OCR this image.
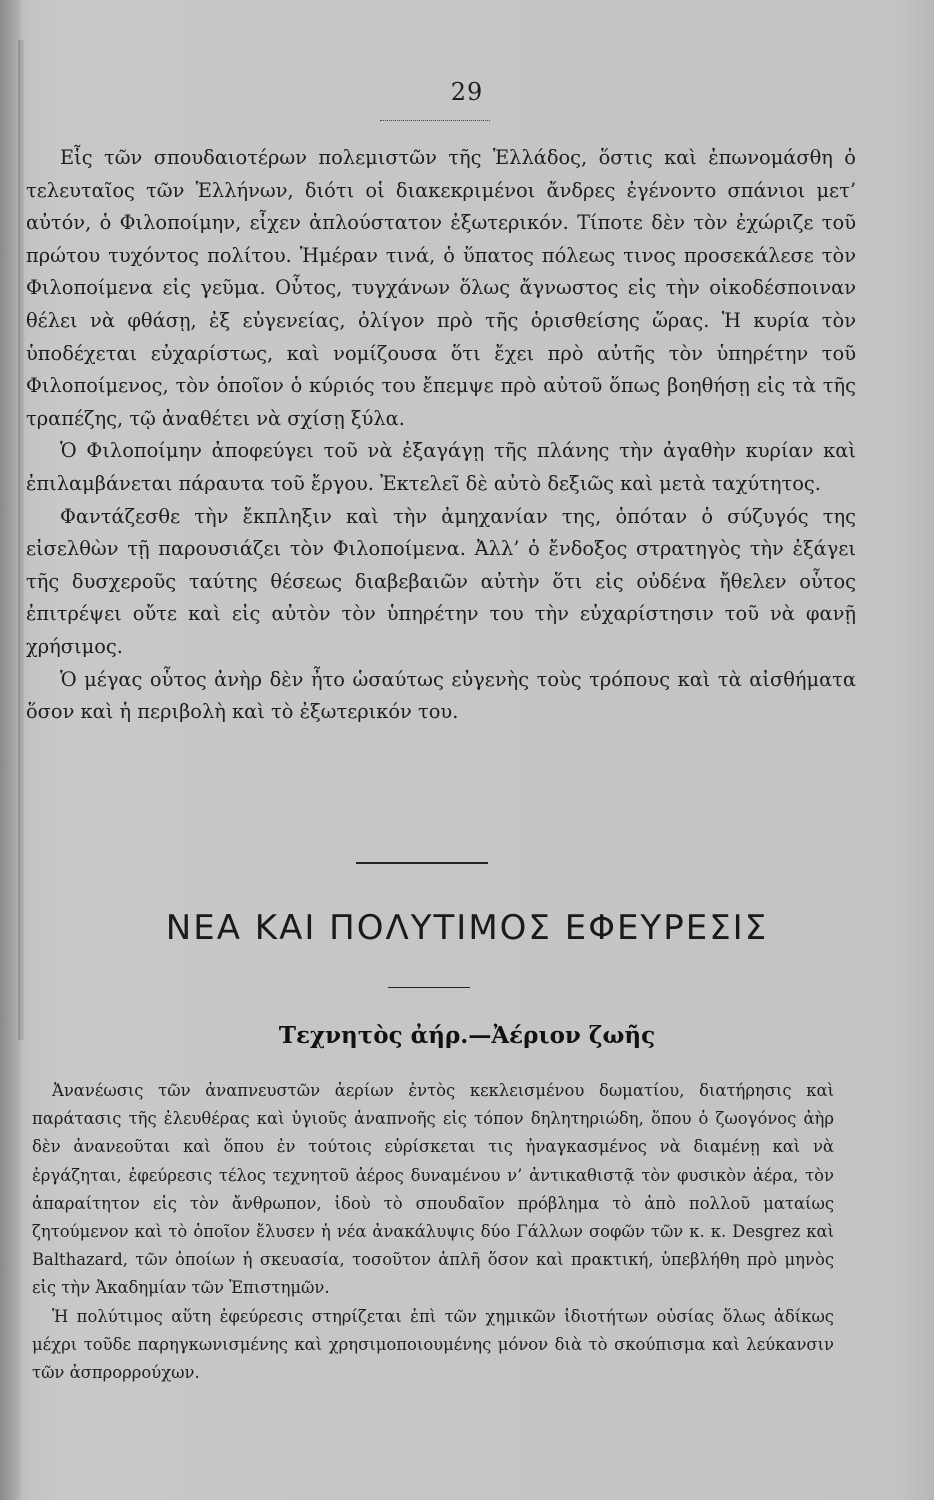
29

Εἷς τῶν σπουδαιοτέρων πολεμιστῶν τῆς Ἑλλάδος, ὅστις καὶ ἐπωνομάσθη ὁ τελευταῖος τῶν Ἑλλήνων, διότι οἱ διακεκριμένοι ἄνδρες ἐγένοντο σπάνιοι μετ’ αὐτόν, ὁ Φιλοποίμην, εἶχεν ἁπλούστατον ἐξωτερικόν. Τίποτε δὲν τὸν ἐχώριζε τοῦ πρώτου τυχόντος πολίτου. Ἡμέραν τινά, ὁ ὕπατος πόλεως τινος προσεκάλεσε τὸν Φιλοποίμενα εἰς γεῦμα. Οὗτος, τυγχάνων ὅλως ἄγνωστος εἰς τὴν οἰκοδέσποιναν θέλει νὰ φθάσῃ, ἐξ εὐγενείας, ὀλίγον πρὸ τῆς ὁρισθείσης ὥρας. Ἡ κυρία τὸν ὑποδέχεται εὐχαρίστως, καὶ νομίζουσα ὅτι ἔχει πρὸ αὐτῆς τὸν ὑπηρέτην τοῦ Φιλοποίμενος, τὸν ὁποῖον ὁ κύριός του ἔπεμψε πρὸ αὐτοῦ ὅπως βοηθήσῃ εἰς τὰ τῆς τραπέζης, τῷ ἀναθέτει νὰ σχίσῃ ξύλα.

Ὁ Φιλοποίμην ἀποφεύγει τοῦ νὰ ἐξαγάγῃ τῆς πλάνης τὴν ἀγαθὴν κυρίαν καὶ ἐπιλαμβάνεται πάραυτα τοῦ ἔργου. Ἐκτελεῖ δὲ αὐτὸ δεξιῶς καὶ μετὰ ταχύτητος.

Φαντάζεσθε τὴν ἔκπληξιν καὶ τὴν ἀμηχανίαν της, ὁπόταν ὁ σύζυγός της εἰσελθὼν τῇ παρουσιάζει τὸν Φιλοποίμενα. Ἀλλ’ ὁ ἔνδοξος στρατηγὸς τὴν ἐξάγει τῆς δυσχεροῦς ταύτης θέσεως διαβεβαιῶν αὐτὴν ὅτι εἰς οὐδένα ἤθελεν οὗτος ἐπιτρέψει οὔτε καὶ εἰς αὐτὸν τὸν ὑπηρέτην του τὴν εὐχαρίστησιν τοῦ νὰ φανῇ χρήσιμος.

Ὁ μέγας οὗτος ἀνὴρ δὲν ἦτο ὡσαύτως εὐγενὴς τοὺς τρόπους καὶ τὰ αἰσθήματα ὅσον καὶ ἡ περιβολὴ καὶ τὸ ἐξωτερικόν του.

ΝΕΑ ΚΑΙ ΠΟΛΥΤΙΜΟΣ ΕΦΕΥΡΕΣΙΣ
Τεχνητὸς ἀήρ.—Ἀέριον ζωῆς

Ἀνανέωσις τῶν ἀναπνευστῶν ἀερίων ἐντὸς κεκλεισμένου δωματίου, διατήρησις καὶ παράτασις τῆς ἐλευθέρας καὶ ὑγιοῦς ἀναπνοῆς εἰς τόπον δηλητηριώδη, ὅπου ὁ ζωογόνος ἀὴρ δὲν ἀνανεοῦται καὶ ὅπου ἐν τούτοις εὑρίσκεται τις ἠναγκασμένος νὰ διαμένῃ καὶ νὰ ἐργάζηται, ἐφεύρεσις τέλος τεχνητοῦ ἀέρος δυναμένου ν’ ἀντικαθιστᾷ τὸν φυσικὸν ἀέρα, τὸν ἀπαραίτητον εἰς τὸν ἄνθρωπον, ἰδοὺ τὸ σπουδαῖον πρόβλημα τὸ ἀπὸ πολλοῦ ματαίως ζητούμενον καὶ τὸ ὁποῖον ἔλυσεν ἡ νέα ἀνακάλυψις δύο Γάλλων σοφῶν τῶν κ. κ. Desgrez καὶ Balthazard, τῶν ὁποίων ἡ σκευασία, τοσοῦτον ἁπλῆ ὅσον καὶ πρακτική, ὑπεβλήθη πρὸ μηνὸς εἰς τὴν Ἀκαδημίαν τῶν Ἐπιστημῶν.

Ἡ πολύτιμος αὕτη ἐφεύρεσις στηρίζεται ἐπὶ τῶν χημικῶν ἰδιοτήτων οὐσίας ὅλως ἀδίκως μέχρι τοῦδε παρηγκωνισμένης καὶ χρησιμοποιουμένης μόνον διὰ τὸ σκούπισμα καὶ λεύκανσιν τῶν ἀσπρορρούχων.
